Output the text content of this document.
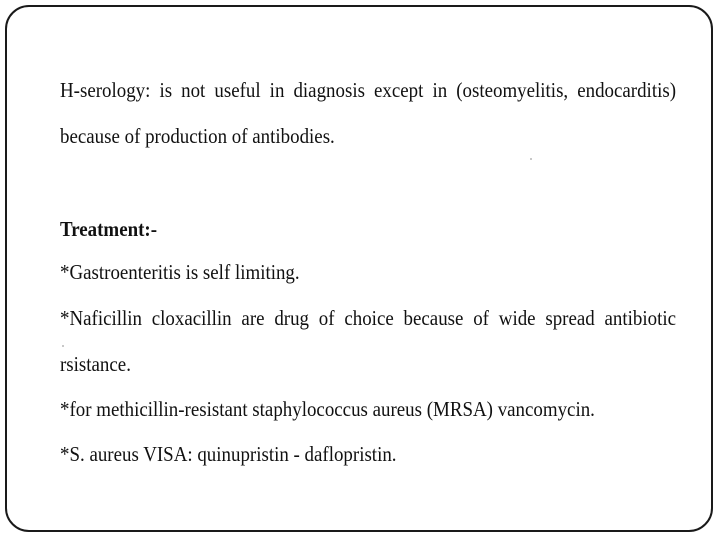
H-serology: is not useful in diagnosis except in (osteomyelitis, endocarditis)
because of production of antibodies.
Treatment:-
*Gastroenteritis is self limiting.
*Naficillin cloxacillin are drug of choice because of wide spread antibiotic
rsistance.
*for methicillin-resistant staphylococcus aureus (MRSA) vancomycin.
*S. aureus VISA: quinupristin - daflopristin.
